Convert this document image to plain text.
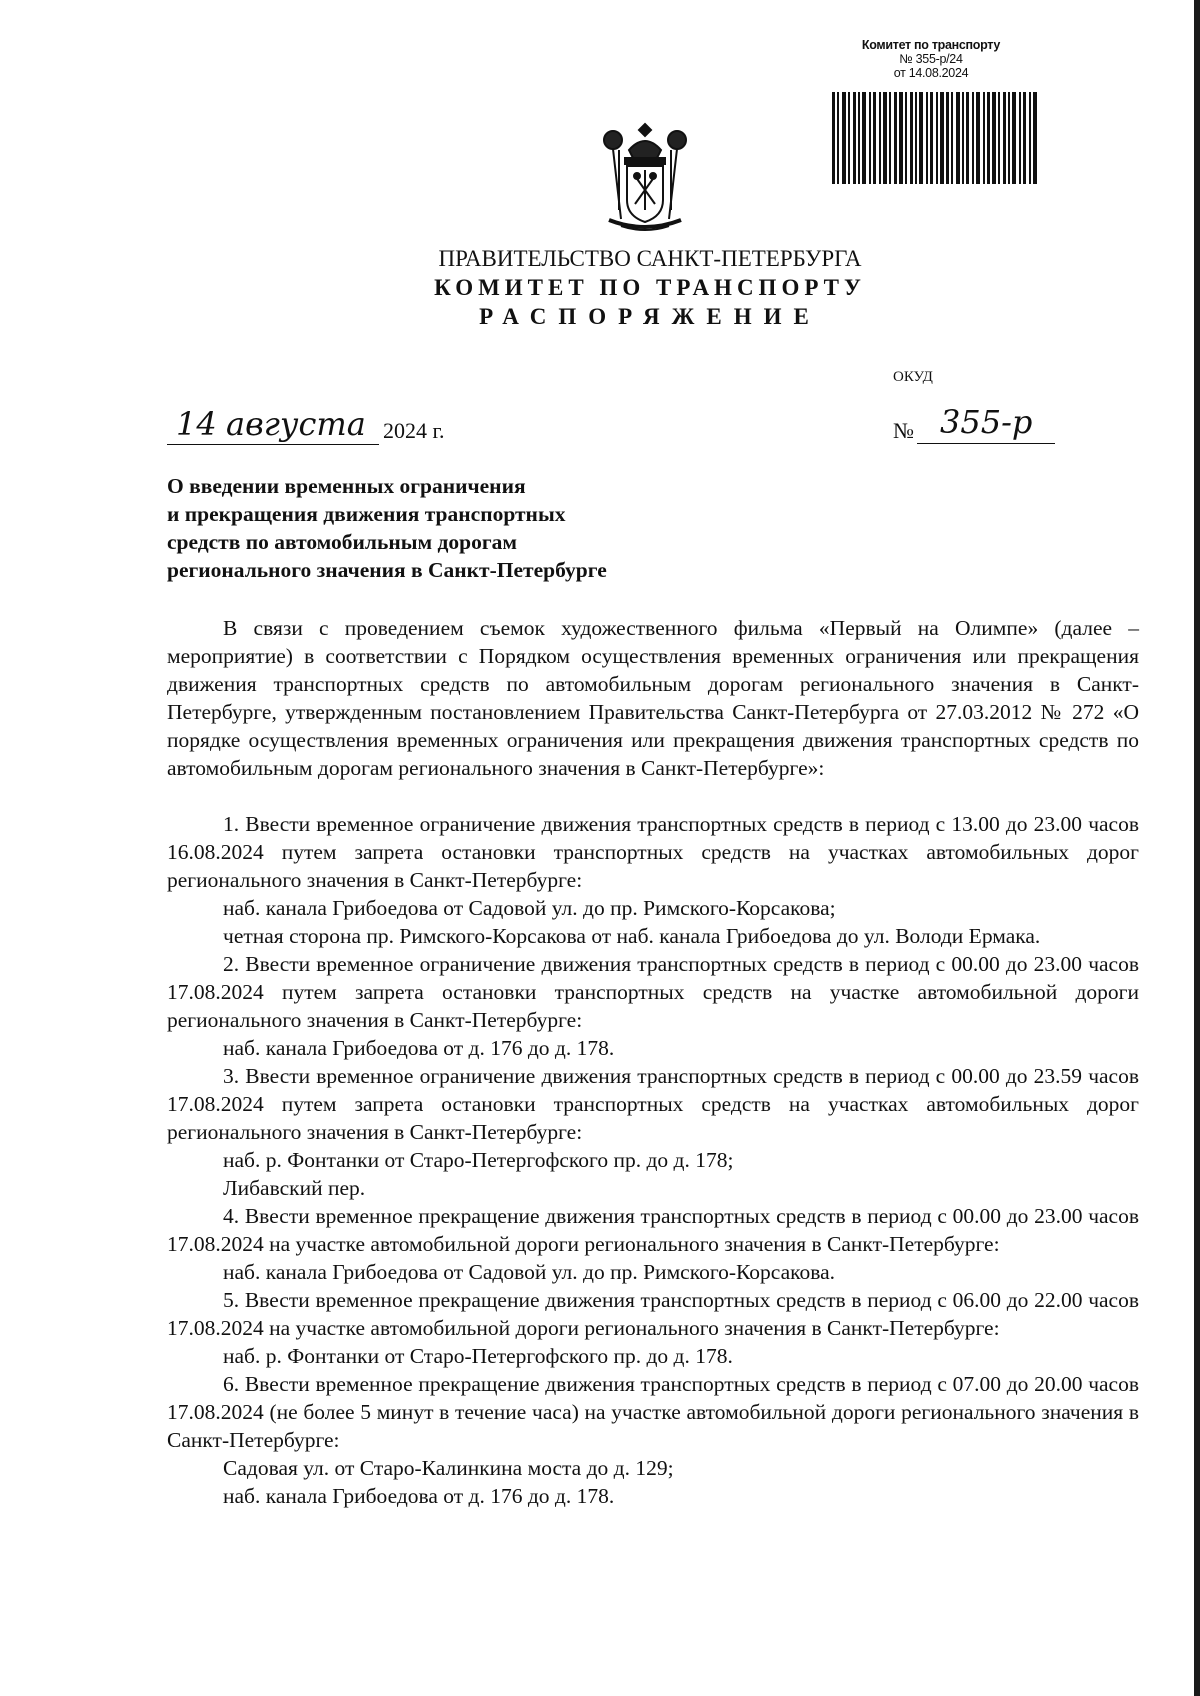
Комитет по транспорту
№ 355-р/24
от 14.08.2024
ПРАВИТЕЛЬСТВО САНКТ-ПЕТЕРБУРГА
КОМИТЕТ ПО ТРАНСПОРТУ
РАСПОРЯЖЕНИЕ
ОКУД
14 августа 2024 г.	№ 355-р
О введении временных ограничения
и прекращения движения транспортных
средств по автомобильным дорогам
регионального значения в Санкт-Петербурге

В связи с проведением съемок художественного фильма «Первый на Олимпе» (далее – мероприятие) в соответствии с Порядком осуществления временных ограничения или прекращения движения транспортных средств по автомобильным дорогам регионального значения в Санкт-Петербурге, утвержденным постановлением Правительства Санкт-Петербурга от 27.03.2012 № 272 «О порядке осуществления временных ограничения или прекращения движения транспортных средств по автомобильным дорогам регионального значения в Санкт-Петербурге»:

1. Ввести временное ограничение движения транспортных средств в период с 13.00 до 23.00 часов 16.08.2024 путем запрета остановки транспортных средств на участках автомобильных дорог регионального значения в Санкт-Петербурге:

наб. канала Грибоедова от Садовой ул. до пр. Римского-Корсакова;

четная сторона пр. Римского-Корсакова от наб. канала Грибоедова до ул. Володи Ермака.

2. Ввести временное ограничение движения транспортных средств в период с 00.00 до 23.00 часов 17.08.2024 путем запрета остановки транспортных средств на участке автомобильной дороги регионального значения в Санкт-Петербурге:

наб. канала Грибоедова от д. 176 до д. 178.

3. Ввести временное ограничение движения транспортных средств в период с 00.00 до 23.59 часов 17.08.2024 путем запрета остановки транспортных средств на участках автомобильных дорог регионального значения в Санкт-Петербурге:

наб. р. Фонтанки от Старо-Петергофского пр. до д. 178;

Либавский пер.

4. Ввести временное прекращение движения транспортных средств в период с 00.00 до 23.00 часов 17.08.2024 на участке автомобильной дороги регионального значения в Санкт-Петербурге:

наб. канала Грибоедова от Садовой ул. до пр. Римского-Корсакова.

5. Ввести временное прекращение движения транспортных средств в период с 06.00 до 22.00 часов 17.08.2024 на участке автомобильной дороги регионального значения в Санкт-Петербурге:

наб. р. Фонтанки от Старо-Петергофского пр. до д. 178.

6. Ввести временное прекращение движения транспортных средств в период с 07.00 до 20.00 часов 17.08.2024 (не более 5 минут в течение часа) на участке автомобильной дороги регионального значения в Санкт-Петербурге:

Садовая ул. от Старо-Калинкина моста до д. 129;

наб. канала Грибоедова от д. 176 до д. 178.
